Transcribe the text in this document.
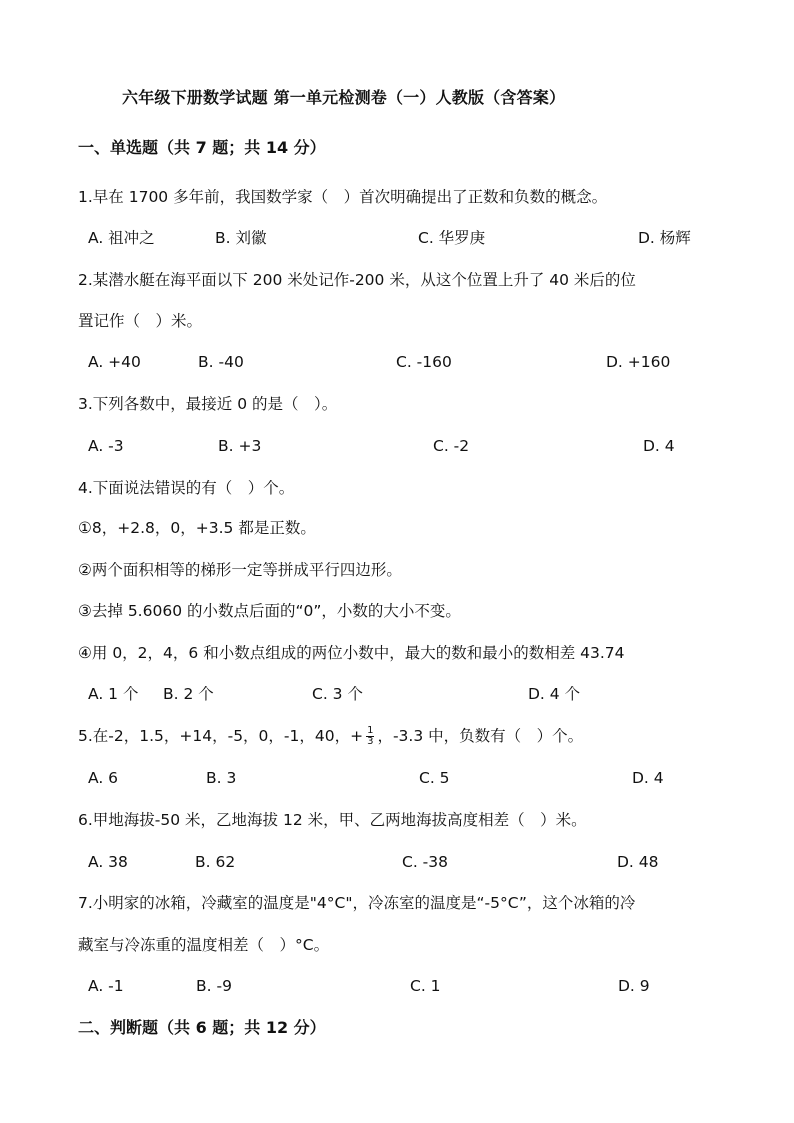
六年级下册数学试题 第一单元检测卷（一）人教版（含答案）
一、单选题（共 7 题；共 14 分）
1.早在 1700 多年前，我国数学家（　）首次明确提出了正数和负数的概念。
A. 祖冲之	B. 刘徽	C. 华罗庚	D. 杨辉
2.某潜水艇在海平面以下 200 米处记作-200 米，从这个位置上升了 40 米后的位
置记作（　）米。
A. +40	B. -40	C. -160	D. +160
3.下列各数中，最接近 0 的是（　）。
A. -3	B. +3	C. -2	D. 4
4.下面说法错误的有（　）个。
①8，+2.8，0，+3.5 都是正数。
②两个面积相等的梯形一定等拼成平行四边形。
③去掉 5.6060 的小数点后面的“0”，小数的大小不变。
④用 0，2，4，6 和小数点组成的两位小数中，最大的数和最小的数相差 43.74
A. 1 个 B. 2 个	C. 3 个	D. 4 个
5.在-2，1.5，+14，-5，0，-1，40，+ $\frac{1}{3}$ ，-3.3 中，负数有（　）个。
A. 6	B. 3	C. 5	D. 4
6.甲地海拔-50 米，乙地海拔 12 米，甲、乙两地海拔高度相差（　）米。
A. 38	B. 62	C. -38	D. 48
7.小明家的冰箱，冷藏室的温度是"4°C"，冷冻室的温度是“-5°C”，这个冰箱的冷
藏室与冷冻重的温度相差（　）°C。
A. -1	B. -9	C. 1	D. 9
二、判断题（共 6 题；共 12 分）
